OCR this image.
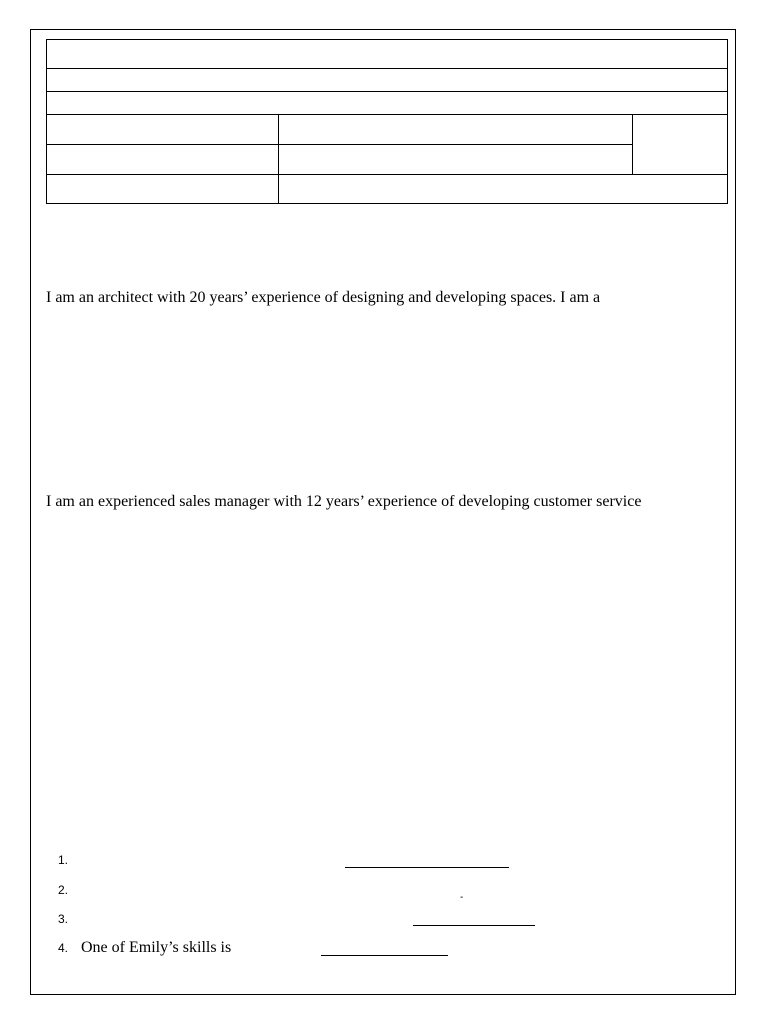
I am an architect with 20 years’ experience of designing and developing spaces. I am a
I am an experienced sales manager with 12 years’ experience of developing customer service
1.
2.
-
3.
4. One of Emily’s skills is
